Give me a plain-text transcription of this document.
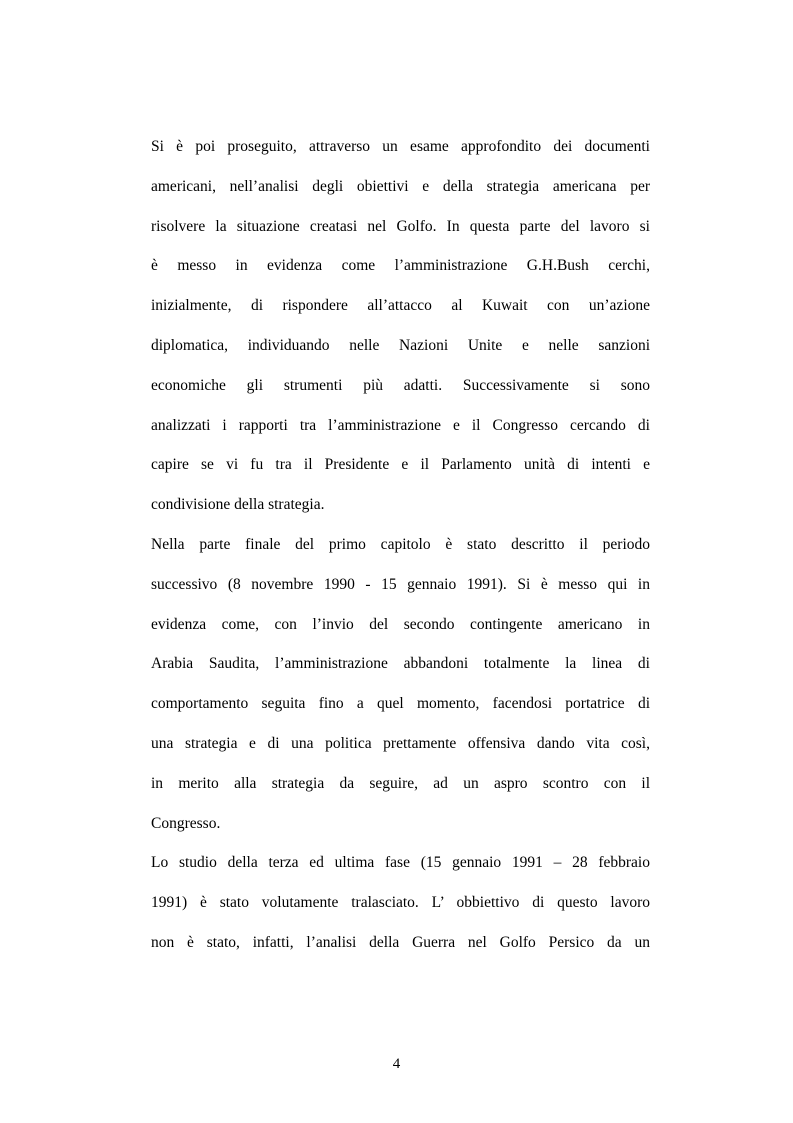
Si è poi proseguito, attraverso un esame approfondito dei documenti
americani, nell’analisi degli obiettivi e della strategia americana per
risolvere la situazione creatasi nel Golfo. In questa parte del lavoro si
è messo in evidenza come l’amministrazione G.H.Bush cerchi,
inizialmente, di rispondere all’attacco al Kuwait con un’azione
diplomatica, individuando nelle Nazioni Unite e nelle sanzioni
economiche gli strumenti più adatti. Successivamente si sono
analizzati i rapporti tra l’amministrazione e il Congresso cercando di
capire se vi fu tra il Presidente e il Parlamento unità di intenti e
condivisione della strategia.
Nella parte finale del primo capitolo è stato descritto il periodo
successivo (8 novembre 1990 - 15 gennaio 1991). Si è messo qui in
evidenza come, con l’invio del secondo contingente americano in
Arabia Saudita, l’amministrazione abbandoni totalmente la linea di
comportamento seguita fino a quel momento, facendosi portatrice di
una strategia e di una politica prettamente offensiva dando vita così,
in merito alla strategia da seguire, ad un aspro scontro con il
Congresso.
Lo studio della terza ed ultima fase (15 gennaio 1991 – 28 febbraio
1991) è stato volutamente tralasciato. L’ obbiettivo di questo lavoro
non è stato, infatti, l’analisi della Guerra nel Golfo Persico da un
4
